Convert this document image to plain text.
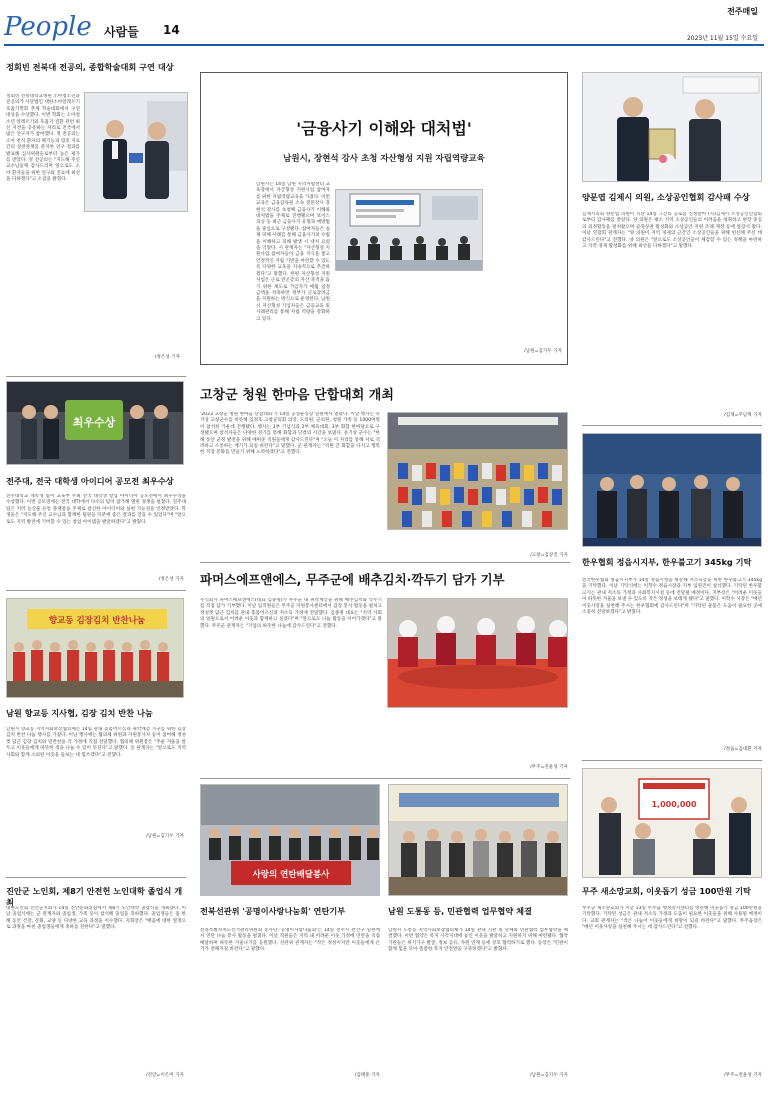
People 사람들 14
전주매일
2023년 11월 15일 수요일
정회빈 전북대 전공의, 종합학술대회 구연 대상
정회빈 전북대학교병원 소아청소년과 전공의가 사단법인 대한소아알레르기호흡기학회 추계 학술대회에서 구연 대상을 수상했다. 이번 학회는 소아청소년 알레르기와 호흡기 질환 관련 최신 지견을 공유하는 자리로 전국에서 많은 연구자가 참여했다. 정 전공의는 소아 천식 환자의 폐기능과 염증 지표 간의 상관관계를 분석한 연구 결과를 발표해 심사위원들로부터 높은 평가를 받았다. 정 전공의는 "지도해 주신 교수님들께 감사드리며 앞으로도 소아 환자들을 위한 연구와 진료에 최선을 다하겠다"고 소감을 밝혔다.
/정은성 기자
최우수상
전주대, 전국 대학생 아이디어 공모전 최우수상
전주대학교 재학생 팀이 교육부 주최 전국 대학생 창업 아이디어 공모전에서 최우수상을 수상했다. 이번 공모전에는 전국 대학에서 다수의 팀이 참가해 열띤 경쟁을 펼쳤다. 전주대 팀은 지역 농산물 유통 플랫폼을 주제로 참신한 아이디어와 실현 가능성을 인정받았다. 학생들은 "지도해 주신 교수님과 함께한 팀원들 덕분에 좋은 결과를 얻을 수 있었다"며 "앞으로도 지역 발전에 기여할 수 있는 창업 아이템을 발굴하겠다"고 밝혔다.
/정은성 기자
향교동 김장김치 반찬나눔
남원 향교등 지사협, 김장 김치 반찬 나눔
남원시 향교동 지역사회보장협의체는 14일 관내 홀몸어르신과 취약계층 가구를 위한 김장 김치 반찬 나눔 행사를 가졌다. 이날 행사에는 협의체 위원과 자원봉사자 등이 참여해 정성껏 담근 김장 김치와 밑반찬을 각 가정에 직접 전달했다. 협의체 위원장은 "추운 겨울을 앞두고 이웃들에게 따뜻한 정을 나눌 수 있어 뜻깊다"고 말했다. 동 관계자는 "앞으로도 지역사회와 함께 소외된 이웃을 돌보는 데 힘쓰겠다"고 전했다.
/남원=김기두 기자
진안군 노인회, 제8기 안전헌 노인대학 졸업식 개최
대한노인회 진안군지회가 14일 진안문화의집에서 제8기 노인대학 졸업식을 개최했다. 이날 졸업식에는 군 관계자와 졸업생, 가족 등이 참석해 졸업을 축하했다. 졸업생들은 올 한 해 동안 건강, 문화, 교양 등 다양한 교육 과정을 이수했다. 지회장은 "배움에 대한 열정으로 과정을 마친 졸업생들에게 축하를 전한다"고 말했다.
/진안=이은미 기자
'금융사기 이해와 대처법'
남원시, 장현석 강사 초청 자산형성 지원 자립역량교육
남원시는 14일 남원 지역자활센터 교육장에서 자산형성 지원사업 참여자를 위한 자립역량교육을 가졌다. 이번 교육은 금융감독원 소속 전문강사 장현석 강사를 초청해 금융사기 이해와 대처법을 주제로 진행됐으며 보이스피싱 등 최근 금융사기 유형과 예방법을 중심으로 구성됐다. 참여자들은 실제 피해 사례를 통해 금융사기의 수법을 이해하고 피해 발생 시 대처 요령을 익혔다. 시 관계자는 "자산형성 지원사업 참여자들이 금융 지식을 쌓고 안정적인 자립 기반을 마련할 수 있도록 다양한 교육을 지속적으로 추진하겠다"고 말했다. 한편 자산형성 지원사업은 근로 빈곤층의 자산 축적을 돕기 위한 제도로 가입자가 매월 일정 금액을 저축하면 정부가 근로장려금을 지원하는 방식으로 운영된다. 남원시 자산형성 가입자들은 금융교육 및 사례관리를 통해 자립 역량을 강화하고 있다.
/남원=김기두 기자
고창군 청원 한마음 단합대회 개최
'2023 고창군 청원 한마음 단합대회'가 14일 공설운동장 일원에서 열렸다. 이날 행사는 유기상 고창군수를 비롯해 임정호 고창군의회 의장, 도의원, 군의원, 청원 가족 등 1000여명이 참석한 가운데 진행됐다. 행사는 1부 기념식과 2부 체육대회, 3부 화합 한마당으로 구성됐으며 참석자들은 다양한 경기를 통해 화합과 단결의 시간을 보냈다. 유기상 군수는 "한 해 동안 군정 발전을 위해 애써준 직원들에게 감사드린다"며 "오늘 이 자리를 통해 서로 격려하고 소통하는 계기가 되길 바란다"고 말했다. 군 관계자는 "직원 간 화합을 다지고 행복한 직장 문화를 만들기 위해 노력하겠다"고 전했다.
/고창=김상진 기자
파머스에프앤에스, 무주군에 배추김치·깍두기 담가 기부
주식회사 파머스에프앤에스(대표 김종명)가 무주군 내 취약계층을 위해 배추김치와 깍두기를 직접 담가 기부했다. 이날 임직원들은 무주군 자원봉사센터에서 김장 봉사 활동을 펼치고 정성껏 담근 김치를 관내 홀몸어르신과 저소득 가정에 전달했다. 김종명 대표는 "지역 사회의 일원으로서 어려운 이웃과 함께하고 싶었다"며 "앞으로도 나눔 활동을 이어가겠다"고 말했다. 무주군 관계자는 "기업의 따뜻한 나눔에 감사드린다"고 전했다.
/무주=전윤성 기자
사랑의 연탄배달봉사
전북선관위 '공명이사랑나눔회' 연탄기부
전북특별자치도선거관리위원회 봉사단 '공명이사랑나눔회'는 14일 전주시 완산구 일원에서 연탄 나눔 봉사 활동을 펼쳤다. 이날 직원들은 지역 내 어려운 이웃 가정에 연탄을 직접 배달하며 따뜻한 겨울나기를 응원했다. 선관위 관계자는 "작은 정성이지만 이웃들에게 온기가 전해지길 바란다"고 말했다.
/김태훈 기자
남원 도통동 등, 민관협력 업무협약 체결
남원시 도통동 지역사회보장협의체가 14일 관내 기관 및 단체와 민관협력 업무협약을 체결했다. 이번 협약은 복지 사각지대에 놓인 이웃을 발굴하고 지원하기 위해 마련됐다. 협약 기관들은 위기가구 발굴, 정보 공유, 자원 연계 등에 상호 협력하기로 했다. 동장은 "민관이 함께 힘을 모아 촘촘한 복지 안전망을 구축하겠다"고 밝혔다.
/남원=김기두 기자
양문엽 김제시 의원, 소상공인협회 감사패 수상
김제시의회 양문엽 의원이 지난 14일 그간의 공로를 인정받아 (사)김제시 소상공인연합회로부터 감사패를 받았다. 양 의원은 평소 지역 소상공인들의 어려움을 청취하고 현장 중심의 의정활동을 펼쳐왔으며 골목상권 활성화와 소상공인 지원 조례 제정 등에 앞장서 왔다. 이날 연합회 관계자는 "양 의원이 지역 경제의 근간인 소상공인들을 위해 헌신해 주신 데 감사드린다"고 전했다. 양 의원은 "앞으로도 소상공인들이 체감할 수 있는 정책을 마련하고 지역 경제 활성화를 위해 최선을 다하겠다"고 말했다.
/김제=주남혁 기자
한우협회 정읍시지부, 한우불고기 345kg 기탁
전국한우협회 정읍시지부가 14일 정읍시청을 방문해 저소득층을 위한 한우불고기 345kg을 기탁했다. 이날 기탁식에는 이학수 정읍시장과 지부 임원진이 참석했다. 기탁된 한우불고기는 관내 저소득 가정과 사회복지시설 등에 전달될 예정이다. 지부장은 "어려운 이웃들이 따뜻한 겨울을 보낼 수 있도록 작은 정성을 보태게 됐다"고 말했다. 이학수 시장은 "매년 이웃사랑을 실천해 주시는 한우협회에 감사드린다"며 "기탁된 물품은 도움이 필요한 곳에 소중히 전달하겠다"고 밝혔다.
/정읍=김대환 기자
1,000,000
무주 새소망교회, 이웃돕기 성금 100만원 기탁
무주군 새소망교회가 지난 13일 무주읍 행정복지센터를 방문해 이웃돕기 성금 100만원을 기탁했다. 기탁된 성금은 관내 저소득 가정과 도움이 필요한 이웃들을 위해 사용될 예정이다. 교회 관계자는 "작은 나눔이 이웃들에게 희망이 되길 바란다"고 말했다. 무주읍장은 "매년 이웃사랑을 실천해 주시는 데 감사드린다"고 전했다.
/무주=전윤성 기자
